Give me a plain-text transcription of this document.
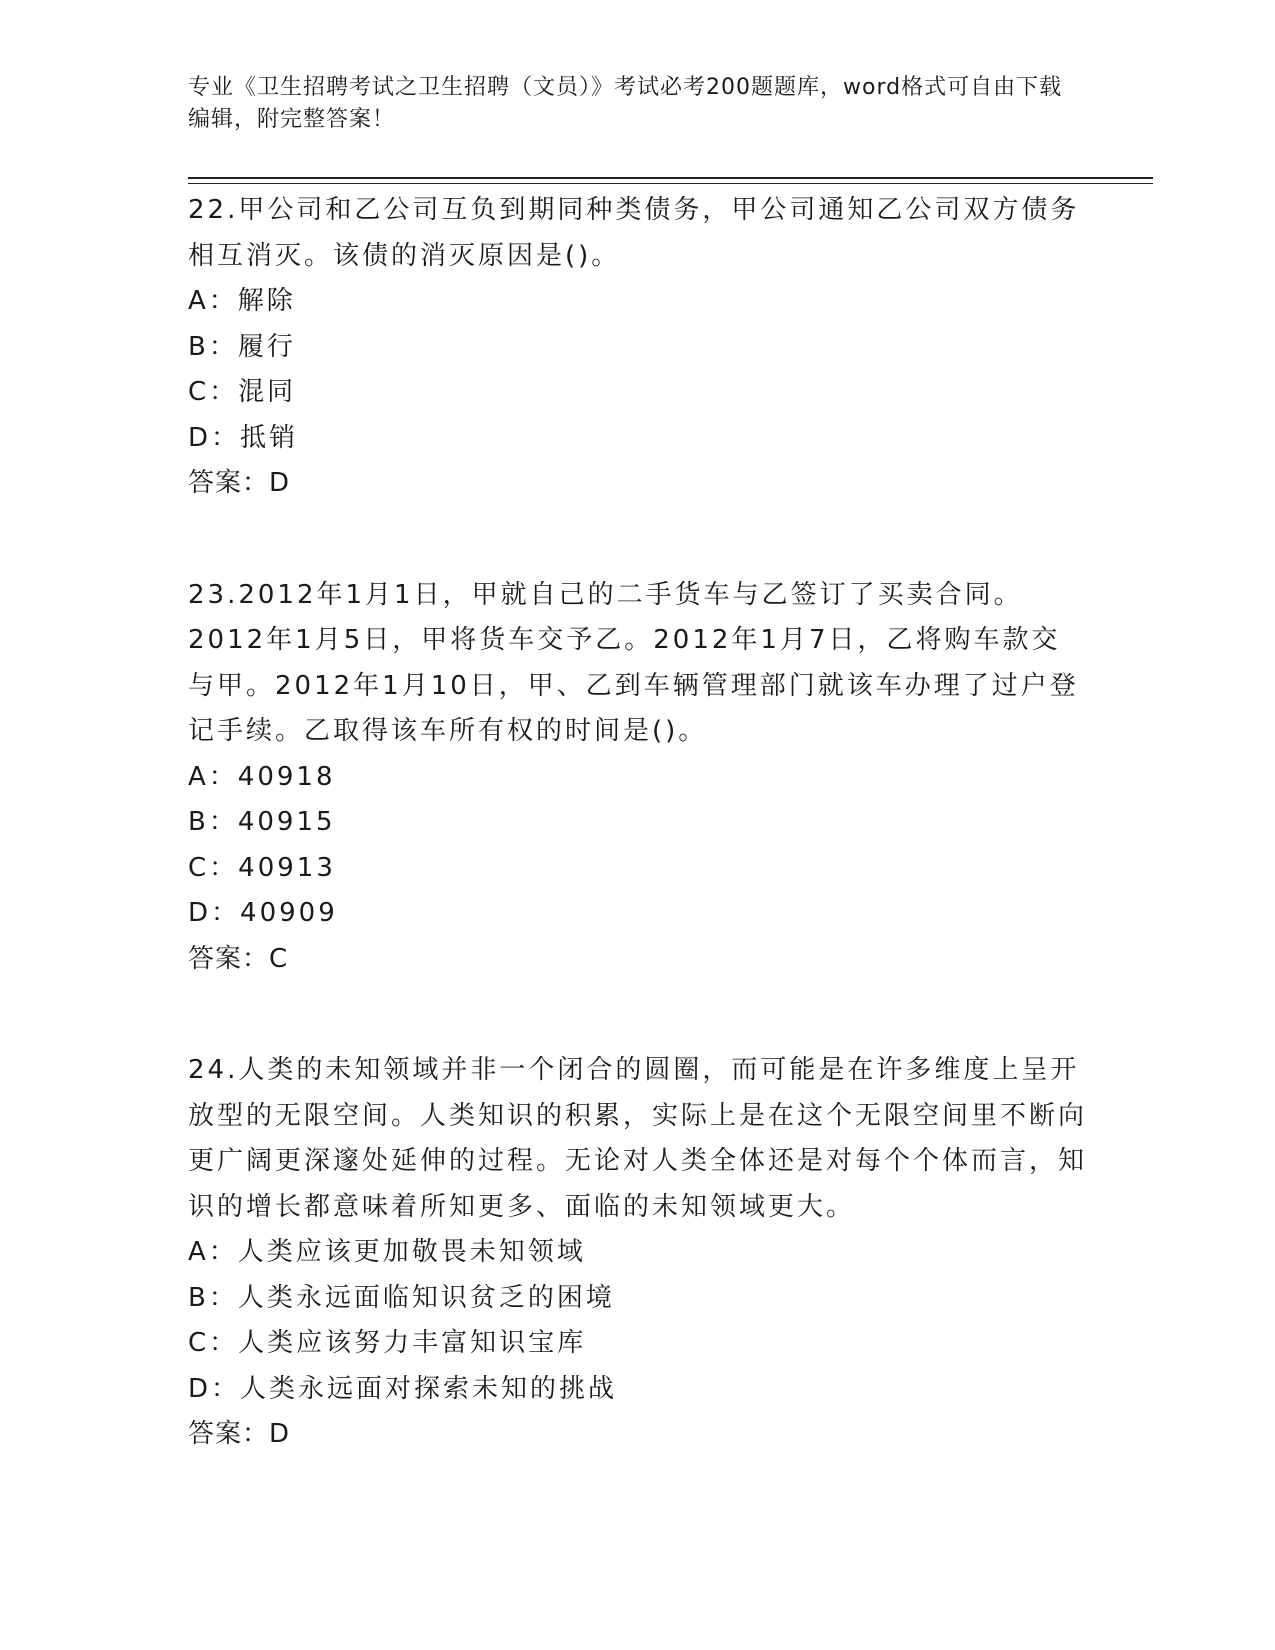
专业《卫生招聘考试之卫生招聘（文员）》考试必考200题题库，word格式可自由下载编辑，附完整答案！
22.甲公司和乙公司互负到期同种类债务，甲公司通知乙公司双方债务相互消灭。该债的消灭原因是()。
A：解除
B：履行
C：混同
D：抵销
答案：D
23.2012年1月1日，甲就自己的二手货车与乙签订了买卖合同。2012年1月5日，甲将货车交予乙。2012年1月7日，乙将购车款交与甲。2012年1月10日，甲、乙到车辆管理部门就该车办理了过户登记手续。乙取得该车所有权的时间是()。
A：40918
B：40915
C：40913
D：40909
答案：C
24.人类的未知领域并非一个闭合的圆圈，而可能是在许多维度上呈开放型的无限空间。人类知识的积累，实际上是在这个无限空间里不断向更广阔更深邃处延伸的过程。无论对人类全体还是对每个个体而言，知识的增长都意味着所知更多、面临的未知领域更大。
A：人类应该更加敬畏未知领域
B：人类永远面临知识贫乏的困境
C：人类应该努力丰富知识宝库
D：人类永远面对探索未知的挑战
答案：D
